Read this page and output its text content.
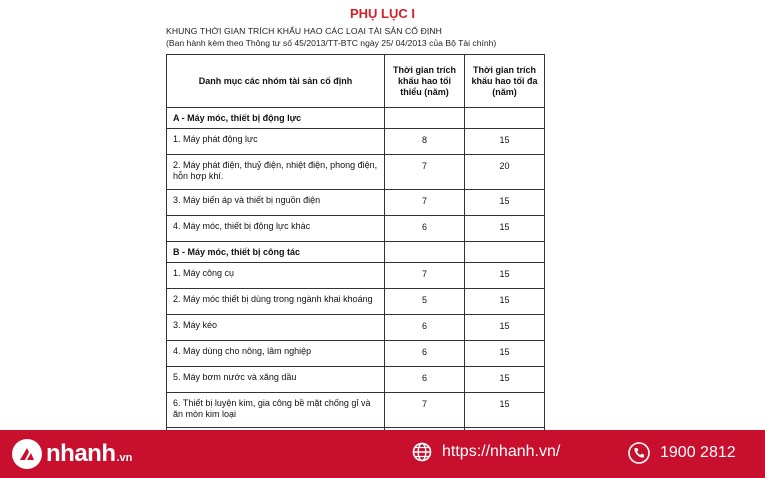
PHỤ LỤC I
KHUNG THỜI GIAN TRÍCH KHẤU HAO CÁC LOẠI TÀI SẢN CỐ ĐỊNH
(Ban hành kèm theo Thông tư số 45/2013/TT-BTC ngày 25/ 04/2013 của Bộ Tài chính)
Danh mục các nhóm tài sản cố định	Thời gian trích khấu hao tối thiểu (năm)	Thời gian trích khấu hao tối đa (năm)
A - Máy móc, thiết bị động lực		
1. Máy phát động lực	8	15
2. Máy phát điện, thuỷ điện, nhiệt điện, phong điện, hỗn hợp khí.	7	20
3. Máy biến áp và thiết bị nguồn điện	7	15
4. Máy móc, thiết bị động lực khác	6	15
B - Máy móc, thiết bị công tác		
1. Máy công cụ	7	15
2. Máy móc thiết bị dùng trong ngành khai khoáng	5	15
3. Máy kéo	6	15
4. Máy dùng cho nông, lâm nghiệp	6	15
5. Máy bơm nước và xăng dầu	6	15
6. Thiết bị luyện kim, gia công bề mặt chống gỉ và ăn mòn kim loại	7	15

nhanh .vn	https://nhanh.vn/	1900 2812
